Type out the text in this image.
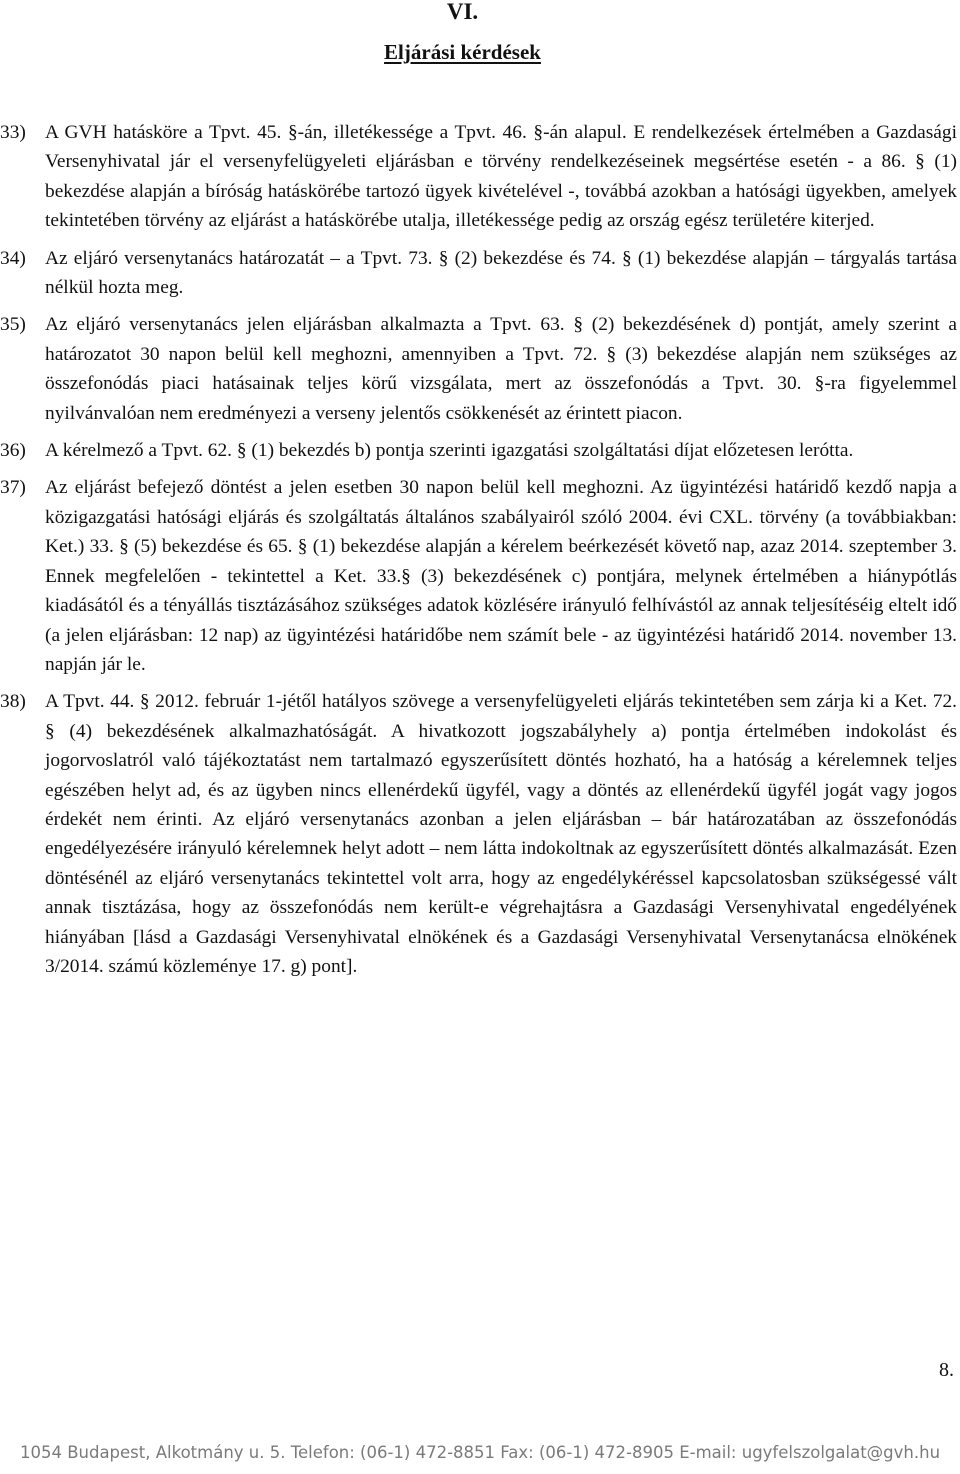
VI.
Eljárási kérdések

33) A GVH hatásköre a Tpvt. 45. §-án, illetékessége a Tpvt. 46. §-án alapul. E rendelkezések értelmében a Gazdasági Versenyhivatal jár el versenyfelügyeleti eljárásban e törvény rendelkezéseinek megsértése esetén - a 86. § (1) bekezdése alapján a bíróság hatáskörébe tartozó ügyek kivételével -, továbbá azokban a hatósági ügyekben, amelyek tekintetében törvény az eljárást a hatáskörébe utalja, illetékessége pedig az ország egész területére kiterjed.

34) Az eljáró versenytanács határozatát – a Tpvt. 73. § (2) bekezdése és 74. § (1) bekezdése alapján – tárgyalás tartása nélkül hozta meg.

35) Az eljáró versenytanács jelen eljárásban alkalmazta a Tpvt. 63. § (2) bekezdésének d) pontját, amely szerint a határozatot 30 napon belül kell meghozni, amennyiben a Tpvt. 72. § (3) bekezdése alapján nem szükséges az összefonódás piaci hatásainak teljes körű vizsgálata, mert az összefonódás a Tpvt. 30. §-ra figyelemmel nyilvánvalóan nem eredményezi a verseny jelentős csökkenését az érintett piacon.

36) A kérelmező a Tpvt. 62. § (1) bekezdés b) pontja szerinti igazgatási szolgáltatási díjat előzetesen lerótta.

37) Az eljárást befejező döntést a jelen esetben 30 napon belül kell meghozni. Az ügyintézési határidő kezdő napja a közigazgatási hatósági eljárás és szolgáltatás általános szabályairól szóló 2004. évi CXL. törvény (a továbbiakban: Ket.) 33. § (5) bekezdése és 65. § (1) bekezdése alapján a kérelem beérkezését követő nap, azaz 2014. szeptember 3. Ennek megfelelően - tekintettel a Ket. 33.§ (3) bekezdésének c) pontjára, melynek értelmében a hiánypótlás kiadásától és a tényállás tisztázásához szükséges adatok közlésére irányuló felhívástól az annak teljesítéséig eltelt idő (a jelen eljárásban: 12 nap) az ügyintézési határidőbe nem számít bele - az ügyintézési határidő 2014. november 13. napján jár le.

38) A Tpvt. 44. § 2012. február 1-jétől hatályos szövege a versenyfelügyeleti eljárás tekintetében sem zárja ki a Ket. 72. § (4) bekezdésének alkalmazhatóságát. A hivatkozott jogszabályhely a) pontja értelmében indokolást és jogorvoslatról való tájékoztatást nem tartalmazó egyszerűsített döntés hozható, ha a hatóság a kérelemnek teljes egészében helyt ad, és az ügyben nincs ellenérdekű ügyfél, vagy a döntés az ellenérdekű ügyfél jogát vagy jogos érdekét nem érinti. Az eljáró versenytanács azonban a jelen eljárásban – bár határozatában az összefonódás engedélyezésére irányuló kérelemnek helyt adott – nem látta indokoltnak az egyszerűsített döntés alkalmazását. Ezen döntésénél az eljáró versenytanács tekintettel volt arra, hogy az engedélykéréssel kapcsolatosban szükségessé vált annak tisztázása, hogy az összefonódás nem került-e végrehajtásra a Gazdasági Versenyhivatal engedélyének hiányában [lásd a Gazdasági Versenyhivatal elnökének és a Gazdasági Versenyhivatal Versenytanácsa elnökének 3/2014. számú közleménye 17. g) pont].

8.
1054 Budapest, Alkotmány u. 5. Telefon: (06-1) 472-8851 Fax: (06-1) 472-8905 E-mail: ugyfelszolgalat@gvh.hu
